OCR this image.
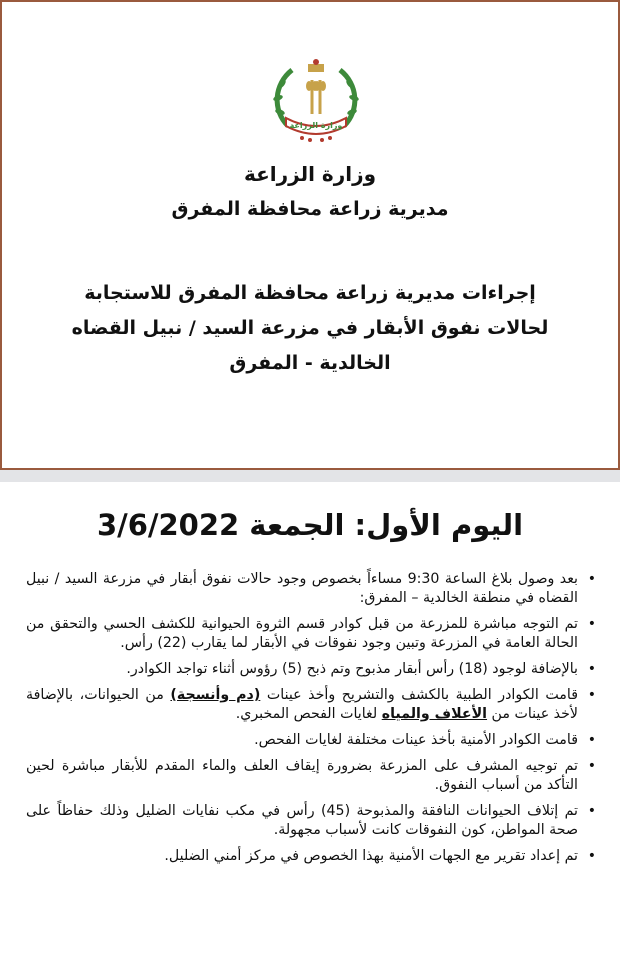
وزارة الزراعة
وزارة الزراعة
مديرية زراعة محافظة المفرق
إجراءات مديرية زراعة محافظة المفرق للاستجابة
لحالات نفوق الأبقار في مزرعة السيد / نبيل القضاه
الخالدية - المفرق
اليوم الأول: الجمعة 3/6/2022
• بعد وصول بلاغ الساعة 9:30 مساءاً بخصوص وجود حالات نفوق أبقار في مزرعة السيد / نبيل القضاه في منطقة الخالدية – المفرق:
• تم التوجه مباشرة للمزرعة من قبل كوادر قسم الثروة الحيوانية للكشف الحسي والتحقق من الحالة العامة في المزرعة وتبين وجود نفوقات في الأبقار لما يقارب (22) رأس.
• بالإضافة لوجود (18) رأس أبقار مذبوح وتم ذبح (5) رؤوس أثناء تواجد الكوادر.
• قامت الكوادر الطبية بالكشف والتشريح وأخذ عينات (دم وأنسجة) من الحيوانات، بالإضافة لأخذ عينات من الأعلاف والمياه لغايات الفحص المخبري.
• قامت الكوادر الأمنية بأخذ عينات مختلفة لغايات الفحص.
• تم توجيه المشرف على المزرعة بضرورة إيقاف العلف والماء المقدم للأبقار مباشرة لحين التأكد من أسباب النفوق.
• تم إتلاف الحيوانات النافقة والمذبوحة (45) رأس في مكب نفايات الضليل وذلك حفاظاً على صحة المواطن، كون النفوقات كانت لأسباب مجهولة.
• تم إعداد تقرير مع الجهات الأمنية بهذا الخصوص في مركز أمني الضليل.
